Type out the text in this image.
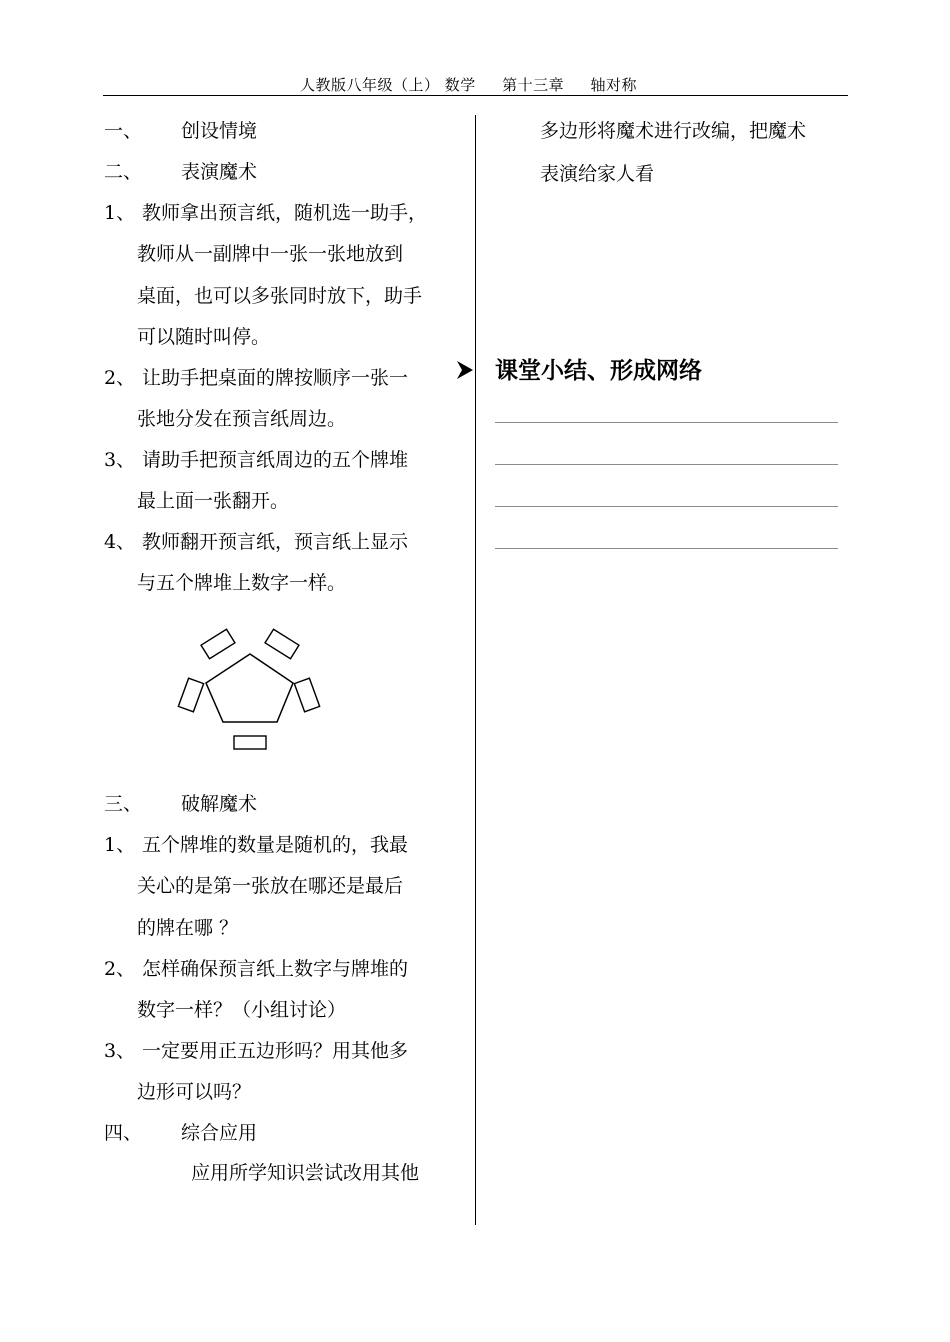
人教版八年级（上） 数学     第十三章     轴对称
一、 创设情境
二、 表演魔术
1、 教师拿出预言纸，随机选一助手，
教师从一副牌中一张一张地放到
桌面，也可以多张同时放下，助手
可以随时叫停。
2、 让助手把桌面的牌按顺序一张一
张地分发在预言纸周边。
3、 请助手把预言纸周边的五个牌堆
最上面一张翻开。
4、 教师翻开预言纸，预言纸上显示
与五个牌堆上数字一样。
三、 破解魔术
1、 五个牌堆的数量是随机的，我最
关心的是第一张放在哪还是最后
的牌在哪 ？
2、 怎样确保预言纸上数字与牌堆的
数字一样？（小组讨论）
3、 一定要用正五边形吗？用其他多
边形可以吗？
四、 综合应用
应用所学知识尝试改用其他
多边形将魔术进行改编，把魔术
表演给家人看
课堂小结、形成网络
